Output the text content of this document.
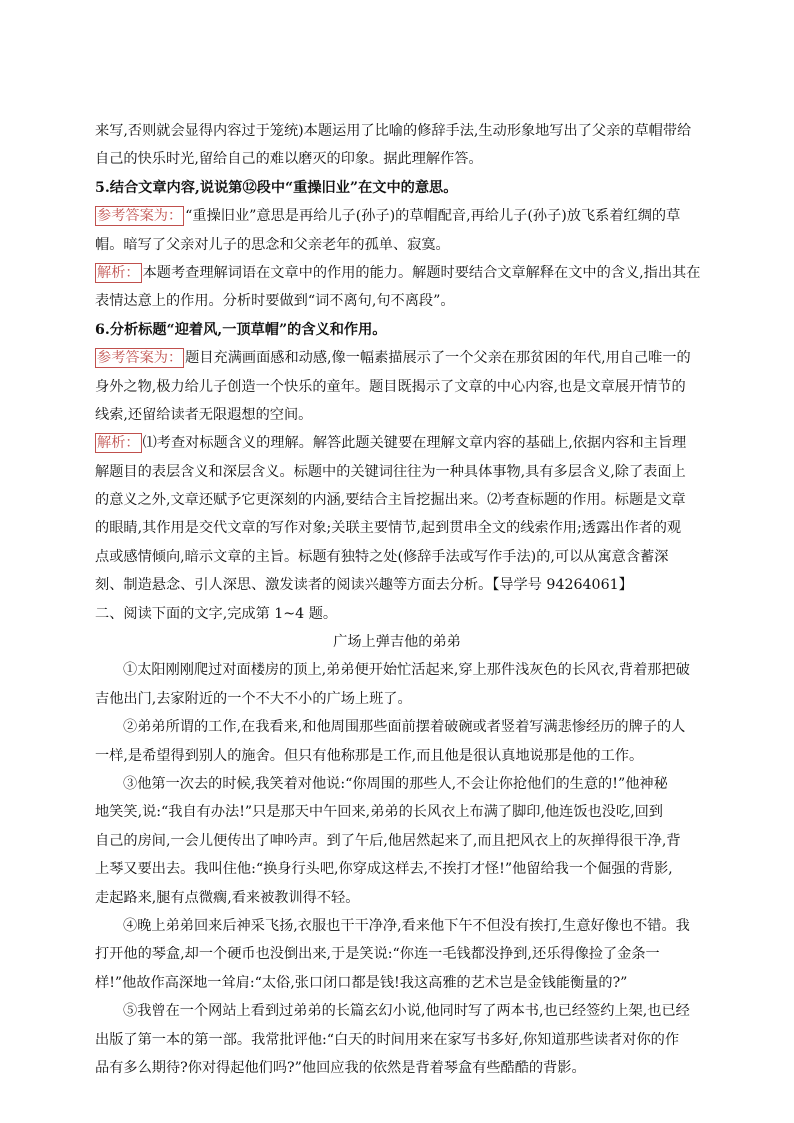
来写,否则就会显得内容过于笼统)本题运用了比喻的修辞手法,生动形象地写出了父亲的草帽带给
自己的快乐时光,留给自己的难以磨灭的印象。据此理解作答。
5.结合文章内容,说说第⑫段中“重操旧业”在文中的意思。
参考答案为： “重操旧业”意思是再给儿子(孙子)的草帽配音,再给儿子(孙子)放飞系着红绸的草
帽。暗写了父亲对儿子的思念和父亲老年的孤单、寂寞。
解析： 本题考查理解词语在文章中的作用的能力。解题时要结合文章解释在文中的含义,指出其在
表情达意上的作用。分析时要做到“词不离句,句不离段”。
6.分析标题“迎着风,一顶草帽”的含义和作用。
参考答案为： 题目充满画面感和动感,像一幅素描展示了一个父亲在那贫困的年代,用自己唯一的
身外之物,极力给儿子创造一个快乐的童年。题目既揭示了文章的中心内容,也是文章展开情节的
线索,还留给读者无限遐想的空间。
解析： ⑴考查对标题含义的理解。解答此题关键要在理解文章内容的基础上,依据内容和主旨理
解题目的表层含义和深层含义。标题中的关键词往往为一种具体事物,具有多层含义,除了表面上
的意义之外,文章还赋予它更深刻的内涵,要结合主旨挖掘出来。⑵考查标题的作用。标题是文章
的眼睛,其作用是交代文章的写作对象;关联主要情节,起到贯串全文的线索作用;透露出作者的观
点或感情倾向,暗示文章的主旨。标题有独特之处(修辞手法或写作手法)的,可以从寓意含蓄深
刻、制造悬念、引人深思、激发读者的阅读兴趣等方面去分析。【导学号 94264061】
二、阅读下面的文字,完成第 1~4 题。
广场上弹吉他的弟弟
①太阳刚刚爬过对面楼房的顶上,弟弟便开始忙活起来,穿上那件浅灰色的长风衣,背着那把破
吉他出门,去家附近的一个不大不小的广场上班了。
②弟弟所谓的工作,在我看来,和他周围那些面前摆着破碗或者竖着写满悲惨经历的牌子的人
一样,是希望得到别人的施舍。但只有他称那是工作,而且他是很认真地说那是他的工作。
③他第一次去的时候,我笑着对他说:“你周围的那些人,不会让你抢他们的生意的!”他神秘
地笑笑,说:“我自有办法!”只是那天中午回来,弟弟的长风衣上布满了脚印,他连饭也没吃,回到
自己的房间,一会儿便传出了呻吟声。到了午后,他居然起来了,而且把风衣上的灰掸得很干净,背
上琴又要出去。我叫住他:“换身行头吧,你穿成这样去,不挨打才怪!”他留给我一个倔强的背影,
走起路来,腿有点微瘸,看来被教训得不轻。
④晚上弟弟回来后神采飞扬,衣服也干干净净,看来他下午不但没有挨打,生意好像也不错。我
打开他的琴盒,却一个硬币也没倒出来,于是笑说:“你连一毛钱都没挣到,还乐得像捡了金条一
样!”他故作高深地一耸肩:“太俗,张口闭口都是钱!我这高雅的艺术岂是金钱能衡量的?”
⑤我曾在一个网站上看到过弟弟的长篇玄幻小说,他同时写了两本书,也已经签约上架,也已经
出版了第一本的第一部。我常批评他:“白天的时间用来在家写书多好,你知道那些读者对你的作
品有多么期待?你对得起他们吗?”他回应我的依然是背着琴盒有些酷酷的背影。
